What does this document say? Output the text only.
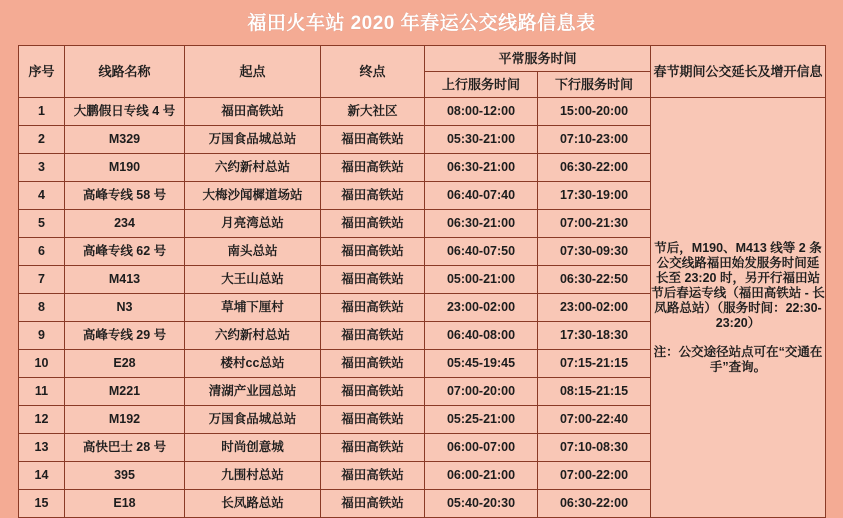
福田火车站 2020 年春运公交线路信息表
序号	线路名称	起点	终点	平常服务时间		春节期间公交延长及增开信息
				上行服务时间	下行服务时间	
1	大鹏假日专线 4 号	福田高铁站	新大社区	08:00-12:00	15:00-20:00	节后，M190、M413 线等 2 条公交线路福田始发服务时间延长至 23:20 时，另开行福田站节后春运专线（福田高铁站 - 长凤路总站）（服务时间：22:30-23:20）

注：公交途径站点可在“交通在手”查询。

2	M329	万国食品城总站	福田高铁站	05:30-21:00	07:10-23:00	
3	M190	六约新村总站	福田高铁站	06:30-21:00	06:30-22:00	
4	高峰专线 58 号	大梅沙闻樨道场站	福田高铁站	06:40-07:40	17:30-19:00	
5	234	月亮湾总站	福田高铁站	06:30-21:00	07:00-21:30	
6	高峰专线 62 号	南头总站	福田高铁站	06:40-07:50	07:30-09:30	
7	M413	大王山总站	福田高铁站	05:00-21:00	06:30-22:50	
8	N3	草埔下厘村	福田高铁站	23:00-02:00	23:00-02:00	
9	高峰专线 29 号	六约新村总站	福田高铁站	06:40-08:00	17:30-18:30	
10	E28	楼村сс总站	福田高铁站	05:45-19:45	07:15-21:15	
11	M221	清湖产业园总站	福田高铁站	07:00-20:00	08:15-21:15	
12	M192	万国食品城总站	福田高铁站	05:25-21:00	07:00-22:40	
13	高快巴士 28 号	时尚创意城	福田高铁站	06:00-07:00	07:10-08:30	
14	395	九围村总站	福田高铁站	06:00-21:00	07:00-22:00	
15	E18	长凤路总站	福田高铁站	05:40-20:30	06:30-22:00	
